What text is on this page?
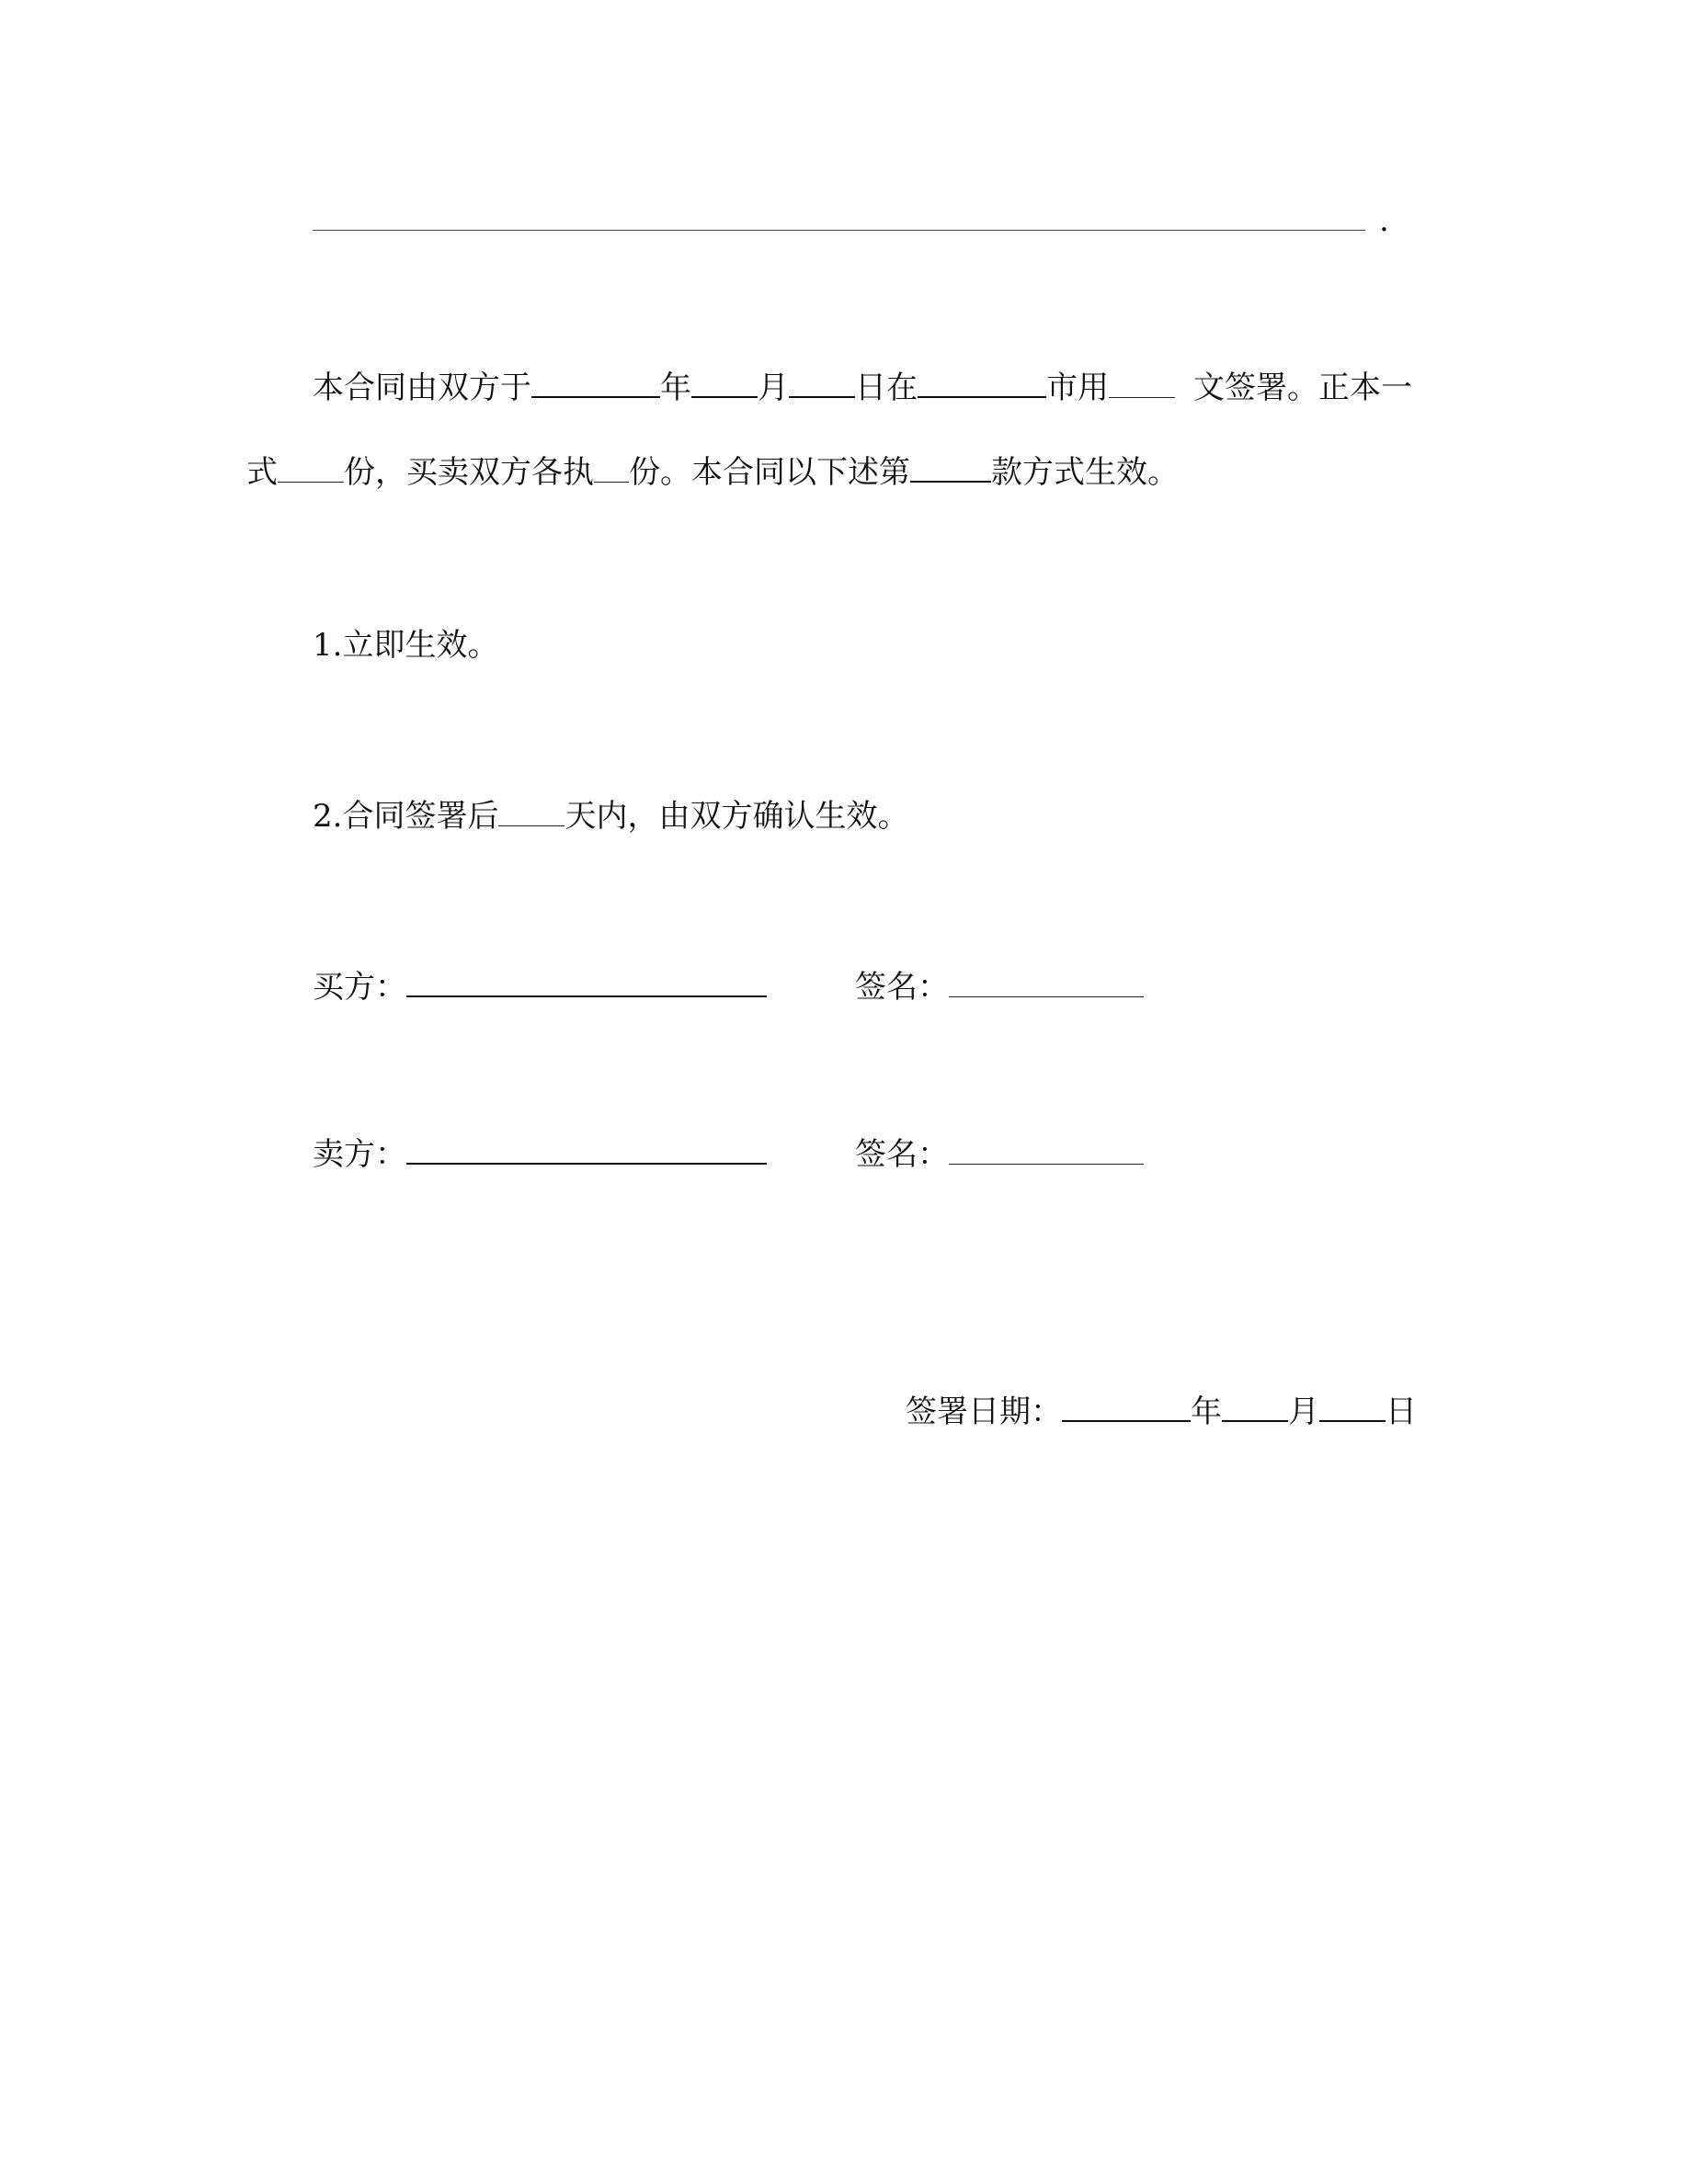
.
本合同由双方于	年 月 日在	市用	文签署。正本一
式 份，买卖双方各执 份。本合同以下述第	款方式生效。
1.立即生效。
2.合同签署后 天内，由双方确认生效。
买方：	签名：
卖方：	签名：
签署日期：	年 月 日
